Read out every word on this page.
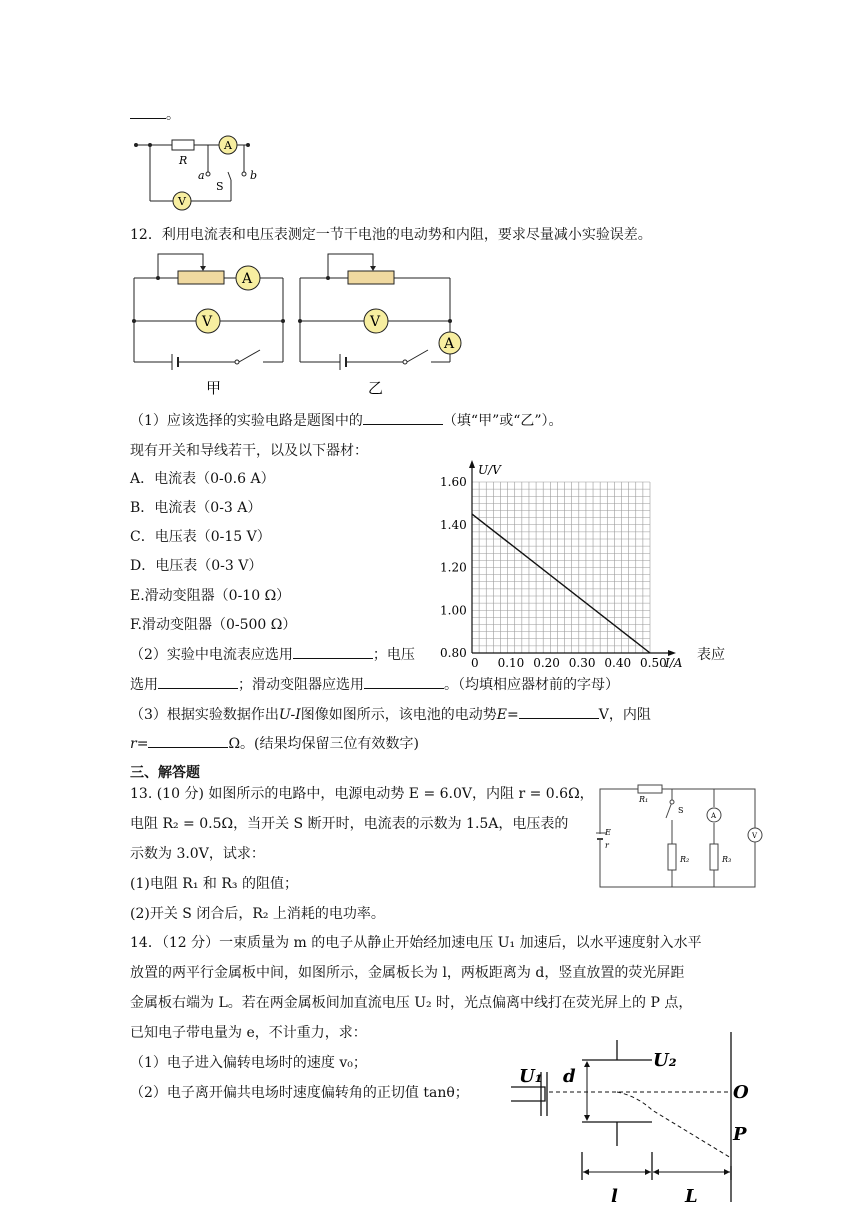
。
R
A
a
S
b
V
12．利用电流表和电压表测定一节干电池的电动势和内阻，要求尽量减小实验误差。
A
V	V
A
甲	乙
（1）应该选择的实验电路是题图中的	（填“甲”或“乙”）。
现有开关和导线若干，以及以下器材：
A．电流表（0-0.6 A）
B．电流表（0-3 A）
C．电压表（0-15 V）
D．电压表（0-3 V）
E.滑动变阻器（0-10 Ω）
F.滑动变阻器（0-500 Ω）
0 0.10 0.20 0.30 0.40 0.50
0.80
1.00
1.20
1.40
1.60
I/A
U/V
（2）实验中电流表应选用	；电压	表应
选用	；滑动变阻器应选用	。（均填相应器材前的字母）
（3）根据实验数据作出U-I图像如图所示，该电池的电动势E=	V，内阻
r=	Ω。(结果均保留三位有效数字)
三、解答题
13. (10 分) 如图所示的电路中，电源电动势 E = 6.0V，内阻 r = 0.6Ω，
电阻 R₂ = 0.5Ω，当开关 S 断开时，电流表的示数为 1.5A，电压表的
示数为 3.0V，试求：
(1)电阻 R₁ 和 R₃ 的阻值；
(2)开关 S 闭合后，R₂ 上消耗的电功率。
R₁
S
A
V
E
r
R₂	R₃
14．（12 分）一束质量为 m 的电子从静止开始经加速电压 U₁ 加速后，以水平速度射入水平
放置的两平行金属板中间，如图所示，金属板长为 l，两板距离为 d，竖直放置的荧光屏距
金属板右端为 L。若在两金属板间加直流电压 U₂ 时，光点偏离中线打在荧光屏上的 P 点，
已知电子带电量为 e，不计重力，求：
（1）电子进入偏转电场时的速度 v₀；
（2）电子离开偏共电场时速度偏转角的正切值 tanθ；
U₁ d
U₂
O
P
l	L
